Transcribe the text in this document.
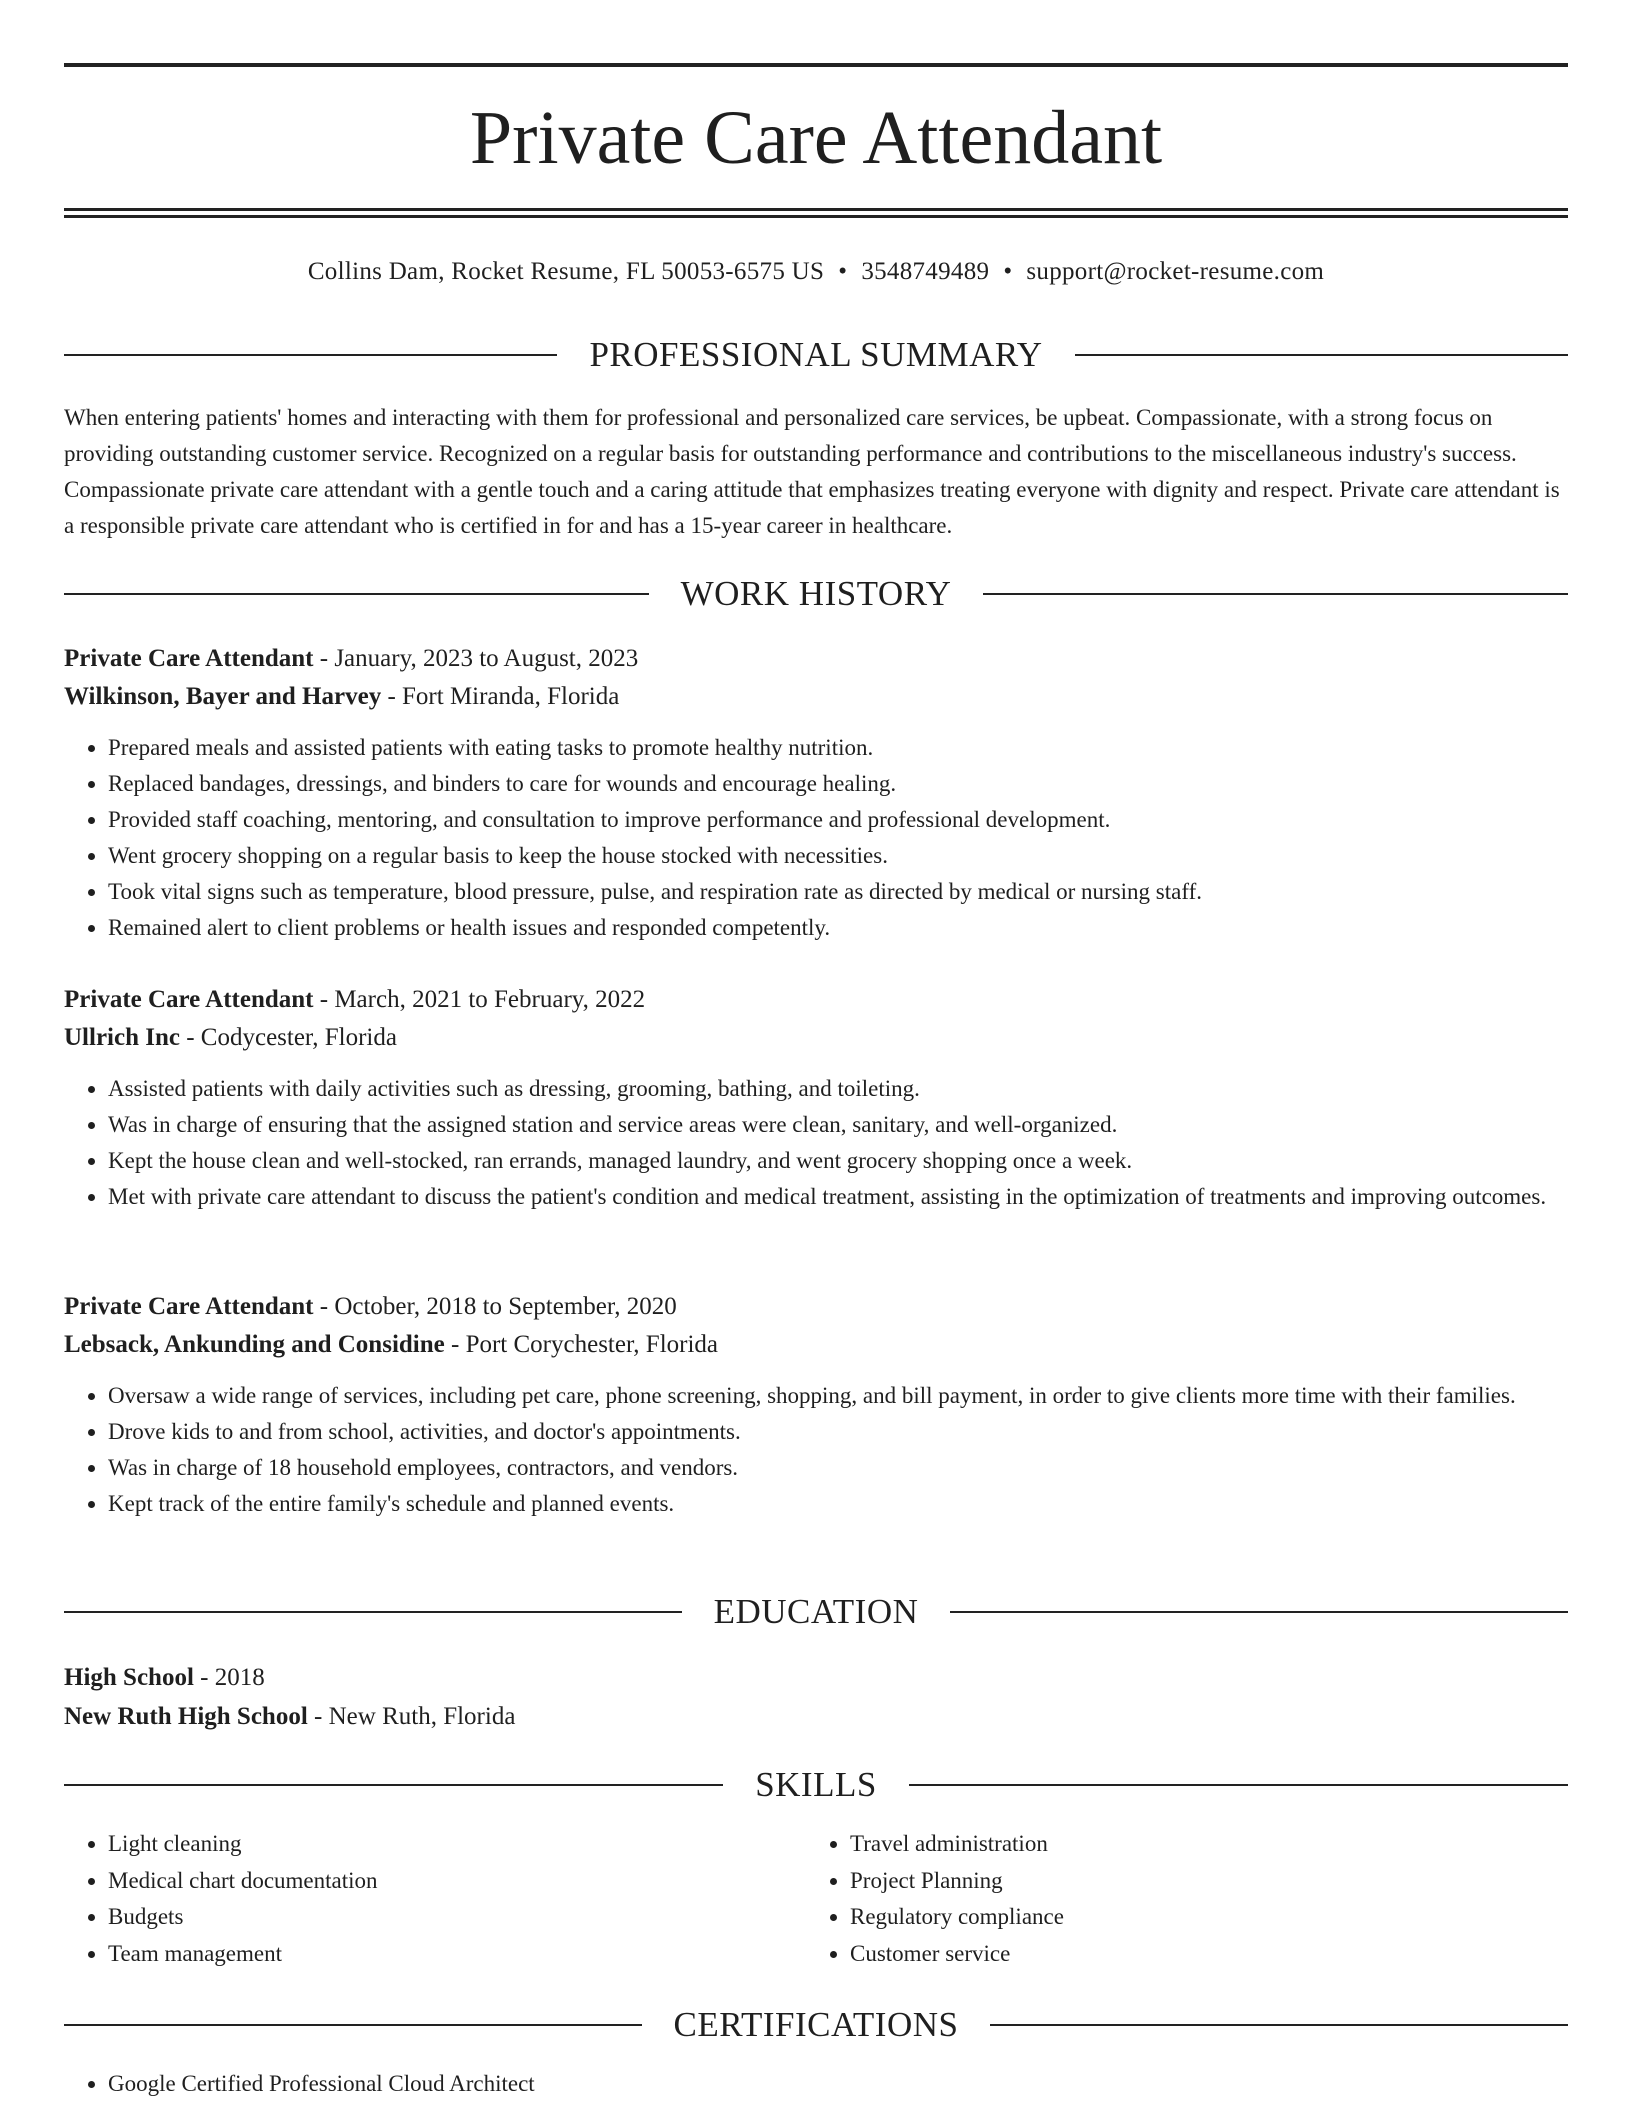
Private Care Attendant
Collins Dam, Rocket Resume, FL 50053-6575 US • 3548749489 • support@rocket-resume.com
PROFESSIONAL SUMMARY

When entering patients' homes and interacting with them for professional and personalized care services, be upbeat. Compassionate, with a strong focus on providing outstanding customer service. Recognized on a regular basis for outstanding performance and contributions to the miscellaneous industry's success. Compassionate private care attendant with a gentle touch and a caring attitude that emphasizes treating everyone with dignity and respect. Private care attendant is a responsible private care attendant who is certified in for and has a 15-year career in healthcare.

WORK HISTORY
Private Care Attendant - January, 2023 to August, 2023
Wilkinson, Bayer and Harvey - Fort Miranda, Florida
• Prepared meals and assisted patients with eating tasks to promote healthy nutrition.
• Replaced bandages, dressings, and binders to care for wounds and encourage healing.
• Provided staff coaching, mentoring, and consultation to improve performance and professional development.
• Went grocery shopping on a regular basis to keep the house stocked with necessities.
• Took vital signs such as temperature, blood pressure, pulse, and respiration rate as directed by medical or nursing staff.
• Remained alert to client problems or health issues and responded competently.
Private Care Attendant - March, 2021 to February, 2022
Ullrich Inc - Codycester, Florida
• Assisted patients with daily activities such as dressing, grooming, bathing, and toileting.
• Was in charge of ensuring that the assigned station and service areas were clean, sanitary, and well-organized.
• Kept the house clean and well-stocked, ran errands, managed laundry, and went grocery shopping once a week.
• Met with private care attendant to discuss the patient's condition and medical treatment, assisting in the optimization of treatments and improving outcomes.
Private Care Attendant - October, 2018 to September, 2020
Lebsack, Ankunding and Considine - Port Corychester, Florida
• Oversaw a wide range of services, including pet care, phone screening, shopping, and bill payment, in order to give clients more time with their families.
• Drove kids to and from school, activities, and doctor's appointments.
• Was in charge of 18 household employees, contractors, and vendors.
• Kept track of the entire family's schedule and planned events.
EDUCATION
High School - 2018
New Ruth High School - New Ruth, Florida
SKILLS
• Light cleaning
• Medical chart documentation
• Budgets
• Team management
• Travel administration
• Project Planning
• Regulatory compliance
• Customer service
CERTIFICATIONS
• Google Certified Professional Cloud Architect
